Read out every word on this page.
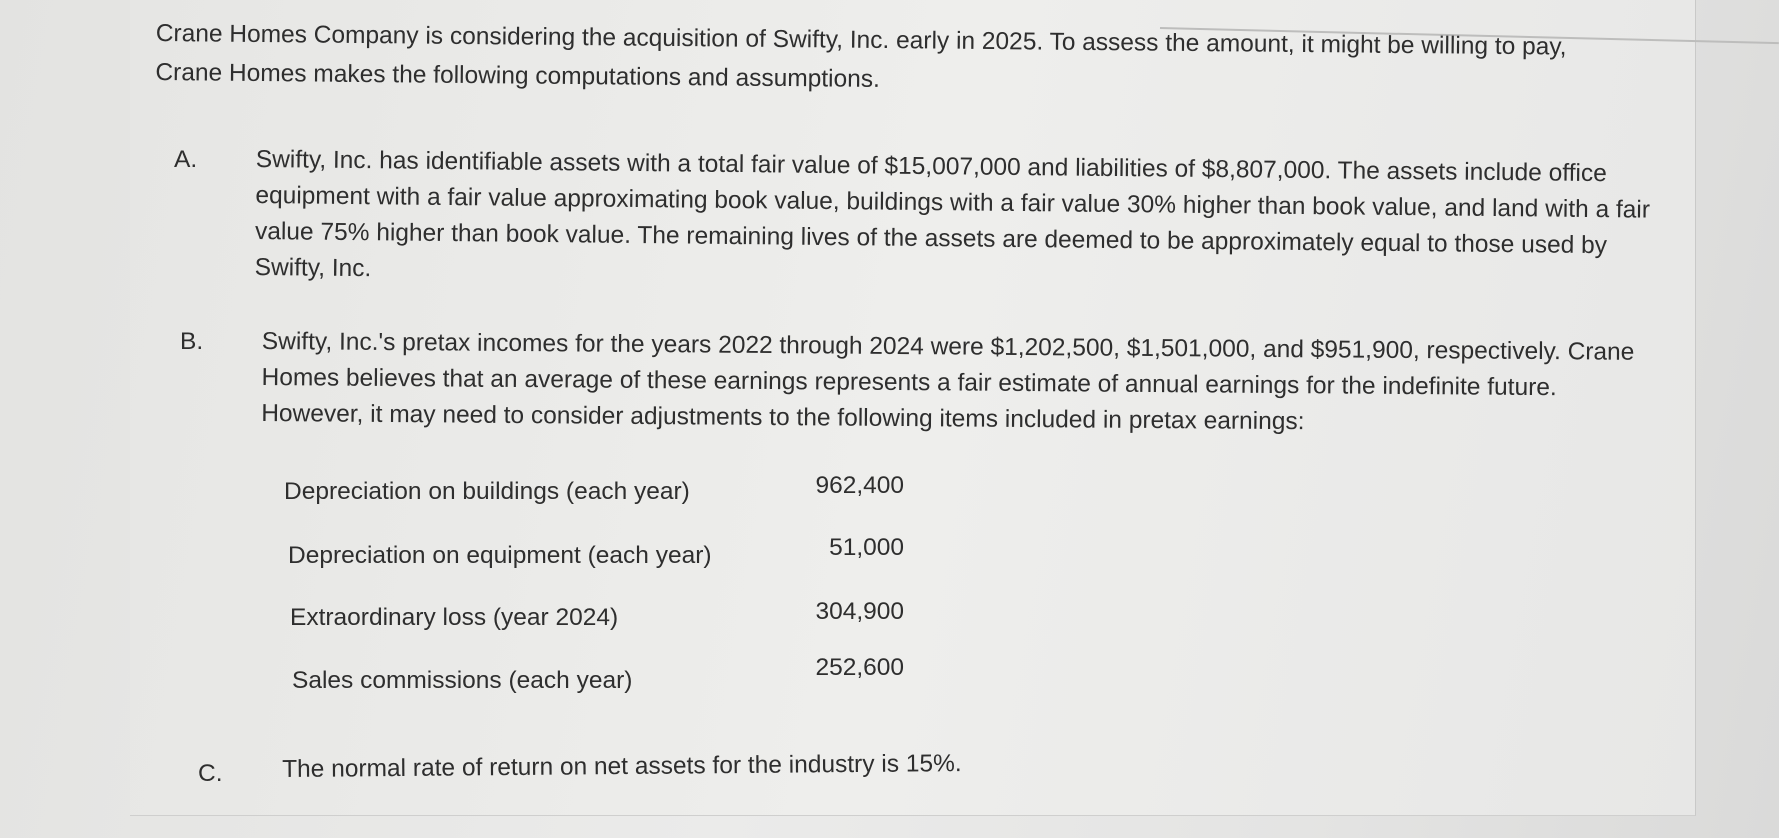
Crane Homes Company is considering the acquisition of Swifty, Inc. early in 2025. To assess the amount, it might be willing to pay, Crane Homes makes the following computations and assumptions.

A. Swifty, Inc. has identifiable assets with a total fair value of $15,007,000 and liabilities of $8,807,000. The assets include office equipment with a fair value approximating book value, buildings with a fair value 30% higher than book value, and land with a fair value 75% higher than book value. The remaining lives of the assets are deemed to be approximately equal to those used by Swifty, Inc.

B. Swifty, Inc.'s pretax incomes for the years 2022 through 2024 were $1,202,500, $1,501,000, and $951,900, respectively. Crane Homes believes that an average of these earnings represents a fair estimate of annual earnings for the indefinite future. However, it may need to consider adjustments to the following items included in pretax earnings:

Depreciation on buildings (each year)	962,400
Depreciation on equipment (each year)	51,000
Extraordinary loss (year 2024)	304,900
Sales commissions (each year)	252,600
C. The normal rate of return on net assets for the industry is 15%.
